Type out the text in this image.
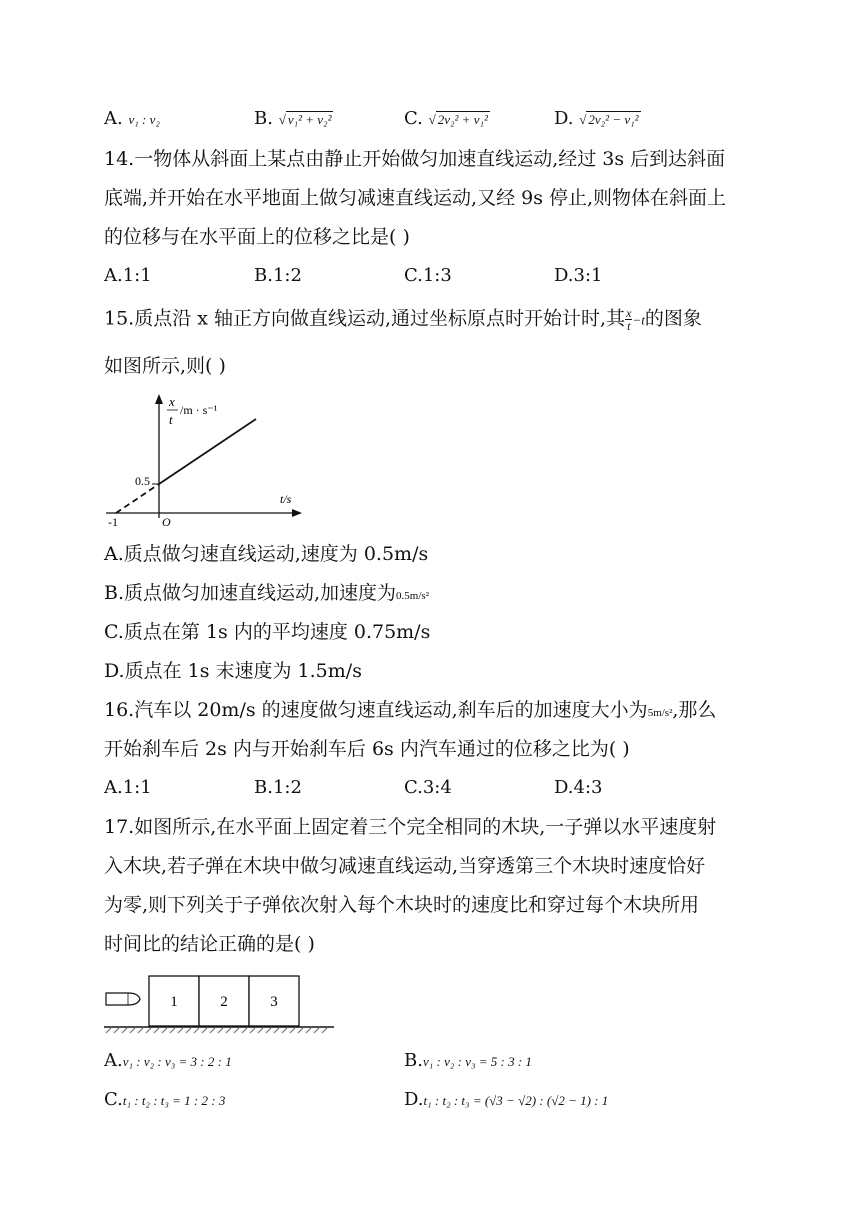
A. v₁ : v₂	B. √ v₁² + v₂²	C. √ 2v₂² + v₁²	D. √ 2v₂² − v₁²
14.一物体从斜面上某点由静止开始做匀加速直线运动,经过 3s 后到达斜面
底端,并开始在水平地面上做匀减速直线运动,又经 9s 停止,则物体在斜面上
的位移与在水平面上的位移之比是( )
A.1:1	B.1:2	C.1:3	D.3:1
15.质点沿 x 轴正方向做直线运动,通过坐标原点时开始计时,其 $\frac{x}{t} -t$的图象
如图所示,则( )
x
t
/m · s⁻¹
0.5
t/s
-1	O
A.质点做匀速直线运动,速度为 0.5m/s
B.质点做匀加速直线运动,加速度为0.5m/s²
C.质点在第 1s 内的平均速度 0.75m/s
D.质点在 1s 末速度为 1.5m/s
16.汽车以 20m/s 的速度做匀速直线运动,刹车后的加速度大小为5m/s²,那么
开始刹车后 2s 内与开始刹车后 6s 内汽车通过的位移之比为( )
A.1:1	B.1:2	C.3:4	D.4:3
17.如图所示,在水平面上固定着三个完全相同的木块,一子弹以水平速度射
入木块,若子弹在木块中做匀减速直线运动,当穿透第三个木块时速度恰好
为零,则下列关于子弹依次射入每个木块时的速度比和穿过每个木块所用
时间比的结论正确的是( )
1	2	3
A.v₁ : v₂ : v₃ = 3 : 2 : 1	B.v₁ : v₂ : v₃ = 5 : 3 : 1
C.t₁ : t₂ : t₃ = 1 : 2 : 3	D.t₁ : t₂ : t₃ = (√3 − √2) : (√2 − 1) : 1
